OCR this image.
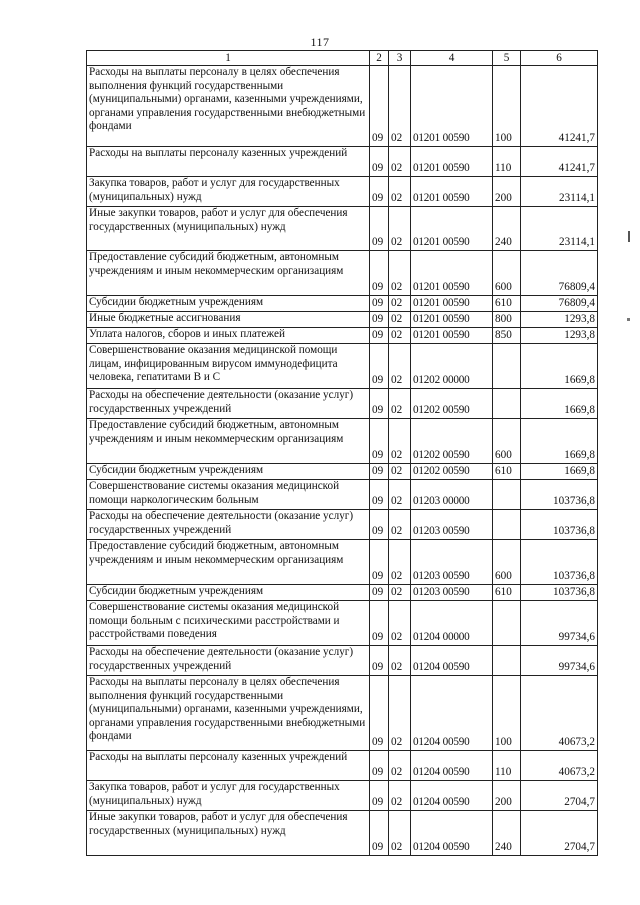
117
1	2	3	4	5	6
Расходы на выплаты персоналу в целях обеспечения выполнения функций государственными (муниципальными) органами, казенными учреждениями, органами управления государственными внебюджетными фондами	09	02	01201 00590	100	41241,7
Расходы на выплаты персоналу казенных учреждений	09	02	01201 00590	110	41241,7
Закупка товаров, работ и услуг для государственных (муниципальных) нужд	09	02	01201 00590	200	23114,1
Иные закупки товаров, работ и услуг для обеспечения государственных (муниципальных) нужд	09	02	01201 00590	240	23114,1
Предоставление субсидий бюджетным, автономным учреждениям и иным некоммерческим организациям	09	02	01201 00590	600	76809,4
Субсидии бюджетным учреждениям	09	02	01201 00590	610	76809,4
Иные бюджетные ассигнования	09	02	01201 00590	800	1293,8
Уплата налогов, сборов и иных платежей	09	02	01201 00590	850	1293,8
Совершенствование оказания медицинской помощи лицам, инфицированным вирусом иммунодефицита человека, гепатитами В и С	09	02	01202 00000		1669,8
Расходы на обеспечение деятельности (оказание услуг) государственных учреждений	09	02	01202 00590		1669,8
Предоставление субсидий бюджетным, автономным учреждениям и иным некоммерческим организациям	09	02	01202 00590	600	1669,8
Субсидии бюджетным учреждениям	09	02	01202 00590	610	1669,8
Совершенствование системы оказания медицинской помощи наркологическим больным	09	02	01203 00000		103736,8
Расходы на обеспечение деятельности (оказание услуг) государственных учреждений	09	02	01203 00590		103736,8
Предоставление субсидий бюджетным, автономным учреждениям и иным некоммерческим организациям	09	02	01203 00590	600	103736,8
Субсидии бюджетным учреждениям	09	02	01203 00590	610	103736,8
Совершенствование системы оказания медицинской помощи больным с психическими расстройствами и расстройствами поведения	09	02	01204 00000		99734,6
Расходы на обеспечение деятельности (оказание услуг) государственных учреждений	09	02	01204 00590		99734,6
Расходы на выплаты персоналу в целях обеспечения выполнения функций государственными (муниципальными) органами, казенными учреждениями, органами управления государственными внебюджетными фондами	09	02	01204 00590	100	40673,2
Расходы на выплаты персоналу казенных учреждений	09	02	01204 00590	110	40673,2
Закупка товаров, работ и услуг для государственных (муниципальных) нужд	09	02	01204 00590	200	2704,7
Иные закупки товаров, работ и услуг для обеспечения государственных (муниципальных) нужд	09	02	01204 00590	240	2704,7
